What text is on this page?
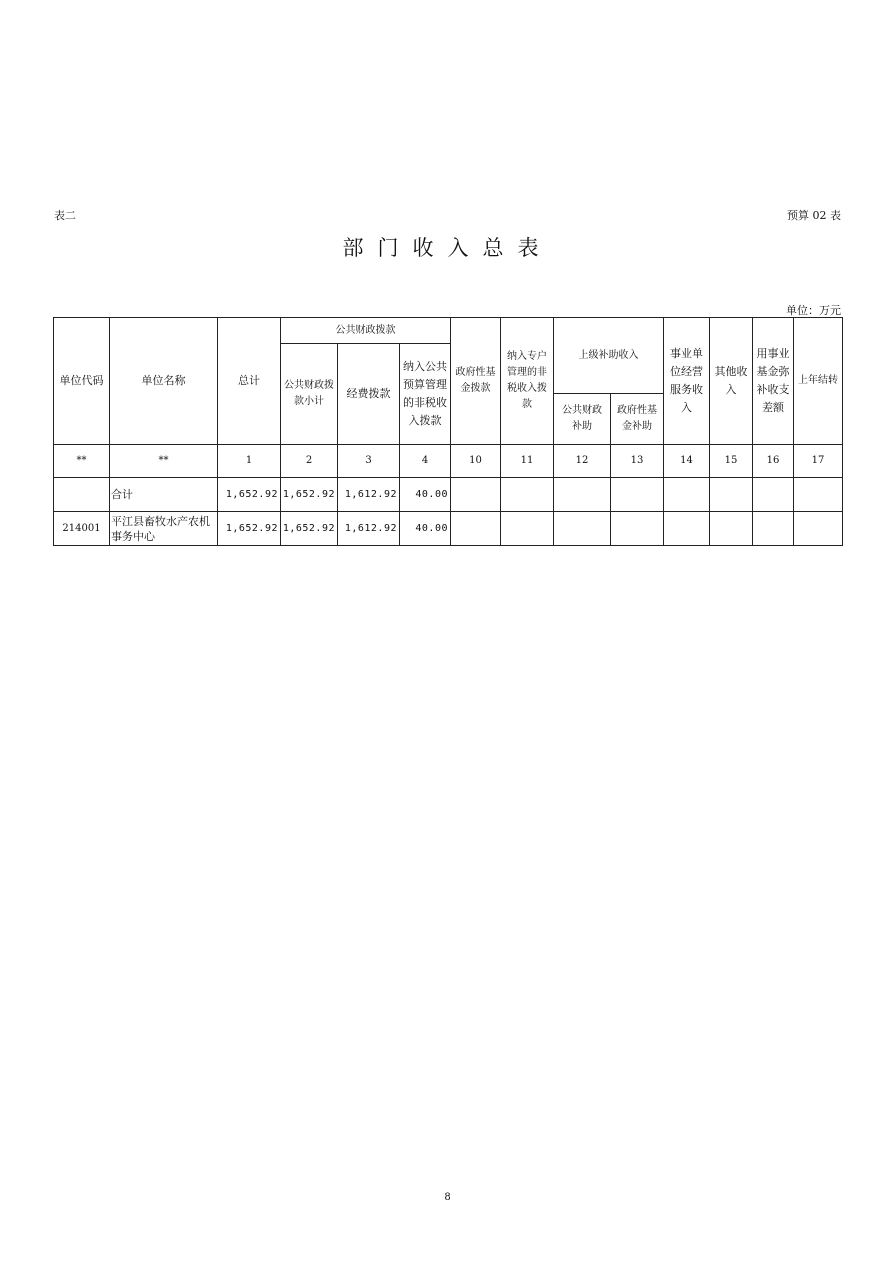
表二	预算 02 表
部门收入总表
单位：万元
单位代码	单位名称	总计	公共财政拨款			政府性基金拨款	纳入专户管理的非税收入拨款	上级补助收入		事业单位经营服务收入	其他收入	用事业基金弥补收支差额	上年结转
			公共财政拨款小计	经费拨款	纳入公共预算管理的非税收入拨款								
								公共财政补助	政府性基金补助				
**	**	1	2	3	4	10	11	12	13	14	15	16	17
	合计	1,652.92	1,652.92	1,612.92	40.00								
214001	平江县畜牧水产农机事务中心	1,652.92	1,652.92	1,612.92	40.00								
8
